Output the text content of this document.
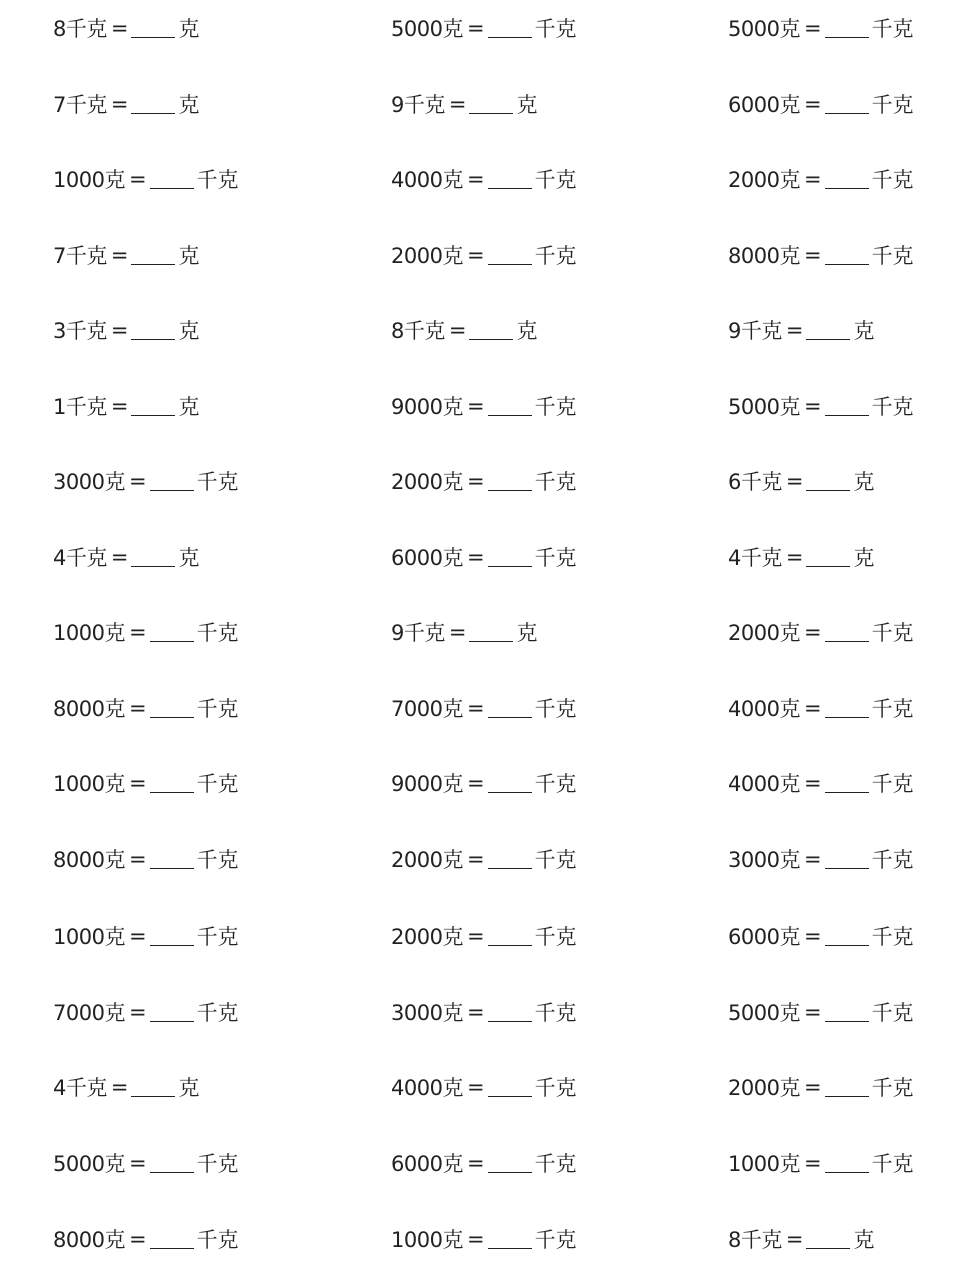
8千克 = 克	5000克 = 千克	5000克 = 千克
7千克 = 克	9千克 = 克	6000克 = 千克
1000克 = 千克	4000克 = 千克	2000克 = 千克
7千克 = 克	2000克 = 千克	8000克 = 千克
3千克 = 克	8千克 = 克	9千克 = 克
1千克 = 克	9000克 = 千克	5000克 = 千克
3000克 = 千克	2000克 = 千克	6千克 = 克
4千克 = 克	6000克 = 千克	4千克 = 克
1000克 = 千克	9千克 = 克	2000克 = 千克
8000克 = 千克	7000克 = 千克	4000克 = 千克
1000克 = 千克	9000克 = 千克	4000克 = 千克
8000克 = 千克	2000克 = 千克	3000克 = 千克
1000克 = 千克	2000克 = 千克	6000克 = 千克
7000克 = 千克	3000克 = 千克	5000克 = 千克
4千克 = 克	4000克 = 千克	2000克 = 千克
5000克 = 千克	6000克 = 千克	1000克 = 千克
8000克 = 千克	1000克 = 千克	8千克 = 克
